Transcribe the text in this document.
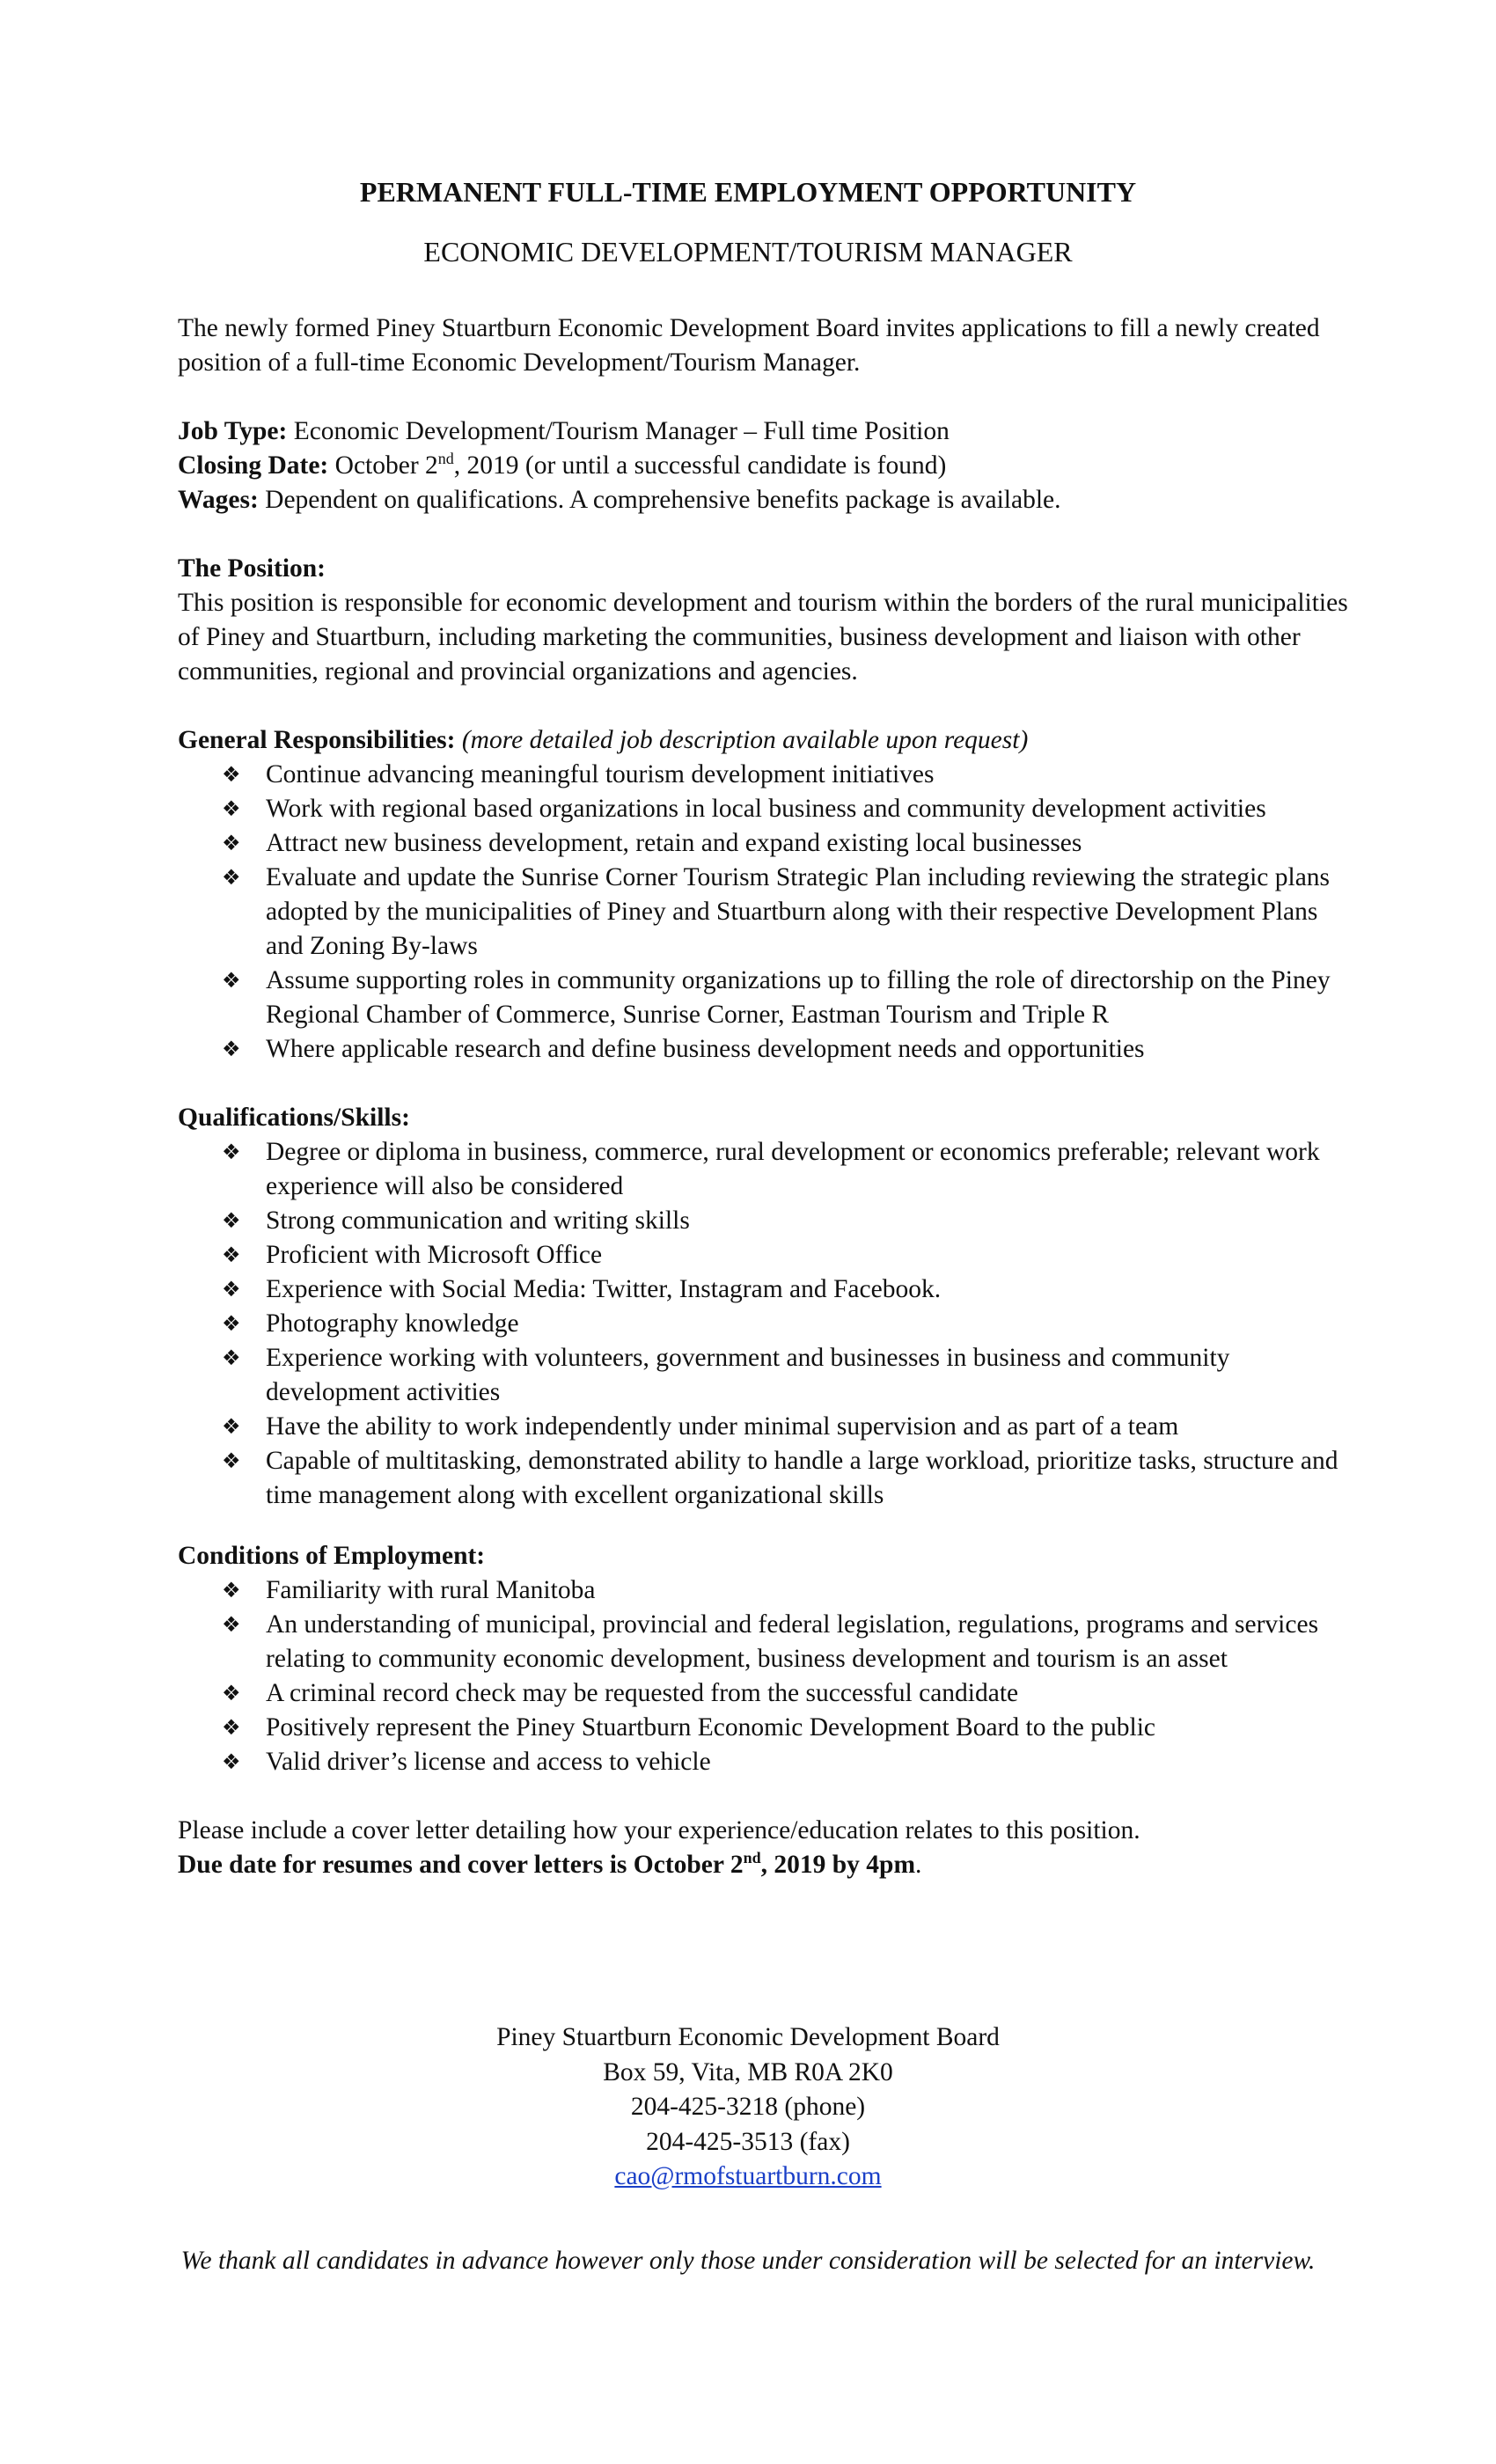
PERMANENT FULL-TIME EMPLOYMENT OPPORTUNITY
ECONOMIC DEVELOPMENT/TOURISM MANAGER

The newly formed Piney Stuartburn Economic Development Board invites applications to fill a newly created position of a full-time Economic Development/Tourism Manager.

Job Type: Economic Development/Tourism Manager – Full time Position

Closing Date: October 2nd, 2019 (or until a successful candidate is found)

Wages: Dependent on qualifications. A comprehensive benefits package is available.

The Position:

This position is responsible for economic development and tourism within the borders of the rural municipalities of Piney and Stuartburn, including marketing the communities, business development and liaison with other communities, regional and provincial organizations and agencies.

General Responsibilities: (more detailed job description available upon request)

❖ Continue advancing meaningful tourism development initiatives
❖ Work with regional based organizations in local business and community development activities
❖ Attract new business development, retain and expand existing local businesses
❖ Evaluate and update the Sunrise Corner Tourism Strategic Plan including reviewing the strategic plans adopted by the municipalities of Piney and Stuartburn along with their respective Development Plans and Zoning By-laws
❖ Assume supporting roles in community organizations up to filling the role of directorship on the Piney Regional Chamber of Commerce, Sunrise Corner, Eastman Tourism and Triple R
❖ Where applicable research and define business development needs and opportunities

Qualifications/Skills:

❖ Degree or diploma in business, commerce, rural development or economics preferable; relevant work experience will also be considered
❖ Strong communication and writing skills
❖ Proficient with Microsoft Office
❖ Experience with Social Media: Twitter, Instagram and Facebook.
❖ Photography knowledge
❖ Experience working with volunteers, government and businesses in business and community development activities
❖ Have the ability to work independently under minimal supervision and as part of a team
❖ Capable of multitasking, demonstrated ability to handle a large workload, prioritize tasks, structure and time management along with excellent organizational skills

Conditions of Employment:

❖ Familiarity with rural Manitoba
❖ An understanding of municipal, provincial and federal legislation, regulations, programs and services relating to community economic development, business development and tourism is an asset
❖ A criminal record check may be requested from the successful candidate
❖ Positively represent the Piney Stuartburn Economic Development Board to the public
❖ Valid driver’s license and access to vehicle

Please include a cover letter detailing how your experience/education relates to this position.

Due date for resumes and cover letters is October 2nd, 2019 by 4pm.

Piney Stuartburn Economic Development Board
Box 59, Vita, MB R0A 2K0
204-425-3218 (phone)
204-425-3513 (fax)
cao@rmofstuartburn.com
We thank all candidates in advance however only those under consideration will be selected for an interview.
